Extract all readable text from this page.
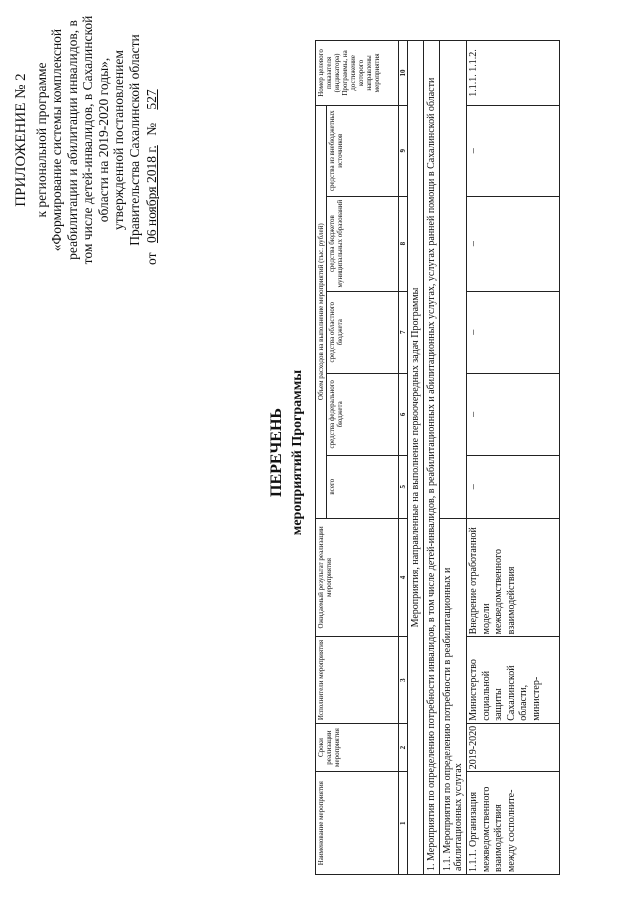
ПРИЛОЖЕНИЕ № 2 к региональной программе «Формирование системы комплексной реабилитации и абилитации инвалидов, в том числе детей-инвалидов, в Сахалинской области на 2019-2020 годы», утвержденной постановлением Правительства Сахалинской области
от 06 ноября 2018 г. № 527
ПЕРЕЧЕНЬ мероприятий Программы
Наименование мероприятия	Сроки реализации мероприятия	Исполнители мероприятия	Ожидаемый результат реализации мероприятия	Объем расходов на выполнение мероприятий (тыс. рублей)					Номер целевого показателя (индикатора) Программы, на достижение которого направлены мероприятия
				всего	средства федерального бюджета	средства областного бюджета	средства бюджетов муниципальных образований	средства из внебюджетных источников	
1	2	3	4	5	6	7	8	9	10
Мероприятия, направленные на выполнение первоочередных задач Программы									
1. Мероприятия по определению потребности инвалидов, в том числе детей-инвалидов, в реабилитационных и абилитационных услугах, услугах ранней помощи в Сахалинской области									
1.1. Мероприятия по определению потребности в реабилитационных и абилитационных услугах									
1.1.1. Организация межведомственного взаимодействия между сосполните-	2019-2020	Министерство социальной защиты Сахалинской области, министер-	Внедрение отработанной модели межведомственного взаимодействия	–	–	–	–	–	1.1.1. 1.1.2.
